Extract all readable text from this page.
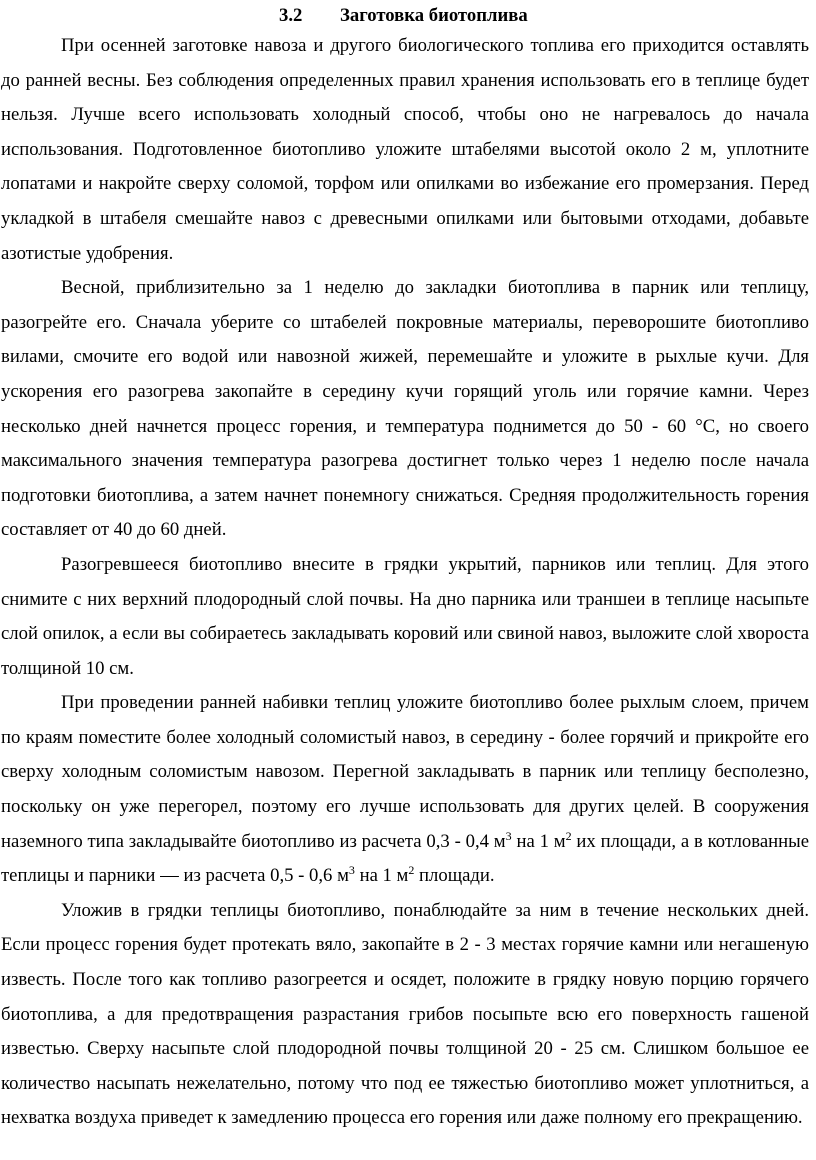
3.2 Заготовка биотоплива

При осенней заготовке навоза и другого биологического топлива его приходится оставлять до ранней весны. Без соблюдения определенных правил хранения использовать его в теплице будет нельзя. Лучше всего использовать холодный способ, чтобы оно не нагревалось до начала использования. Подготовленное биотопливо уложите штабелями высотой около 2 м, уплотните лопатами и накройте сверху соломой, торфом или опилками во избежание его промерзания. Перед укладкой в штабеля смешайте навоз с древесными опилками или бытовыми отходами, добавьте азотистые удобрения.

Весной, приблизительно за 1 неделю до закладки биотоплива в парник или теплицу, разогрейте его. Сначала уберите со штабелей покровные материалы, переворошите биотопливо вилами, смочите его водой или навозной жижей, перемешайте и уложите в рыхлые кучи. Для ускорения его разогрева закопайте в середину кучи горящий уголь или горячие камни. Через несколько дней начнется процесс горения, и температура поднимется до 50 - 60 °С, но своего максимального значения температура разогрева достигнет только через 1 неделю после начала подготовки биотоплива, а затем начнет понемногу снижаться. Средняя продолжительность горения составляет от 40 до 60 дней.

Разогревшееся биотопливо внесите в грядки укрытий, парников или теплиц. Для этого снимите с них верхний плодородный слой почвы. На дно парника или траншеи в теплице насыпьте слой опилок, а если вы собираетесь закладывать коровий или свиной навоз, выложите слой хвороста толщиной 10 см.

При проведении ранней набивки теплиц уложите биотопливо более рыхлым слоем, причем по краям поместите более холодный соломистый навоз, в середину - более горячий и прикройте его сверху холодным соломистым навозом. Перегной закладывать в парник или теплицу бесполезно, поскольку он уже перегорел, поэтому его лучше использовать для других целей. В сооружения наземного типа закладывайте биотопливо из расчета 0,3 - 0,4 $м^3$ на 1 $м^2$ их площади, а в котлованные теплицы и парники — из расчета 0,5 - 0,6 $м^3$ на 1 $м^2$ площади.

Уложив в грядки теплицы биотопливо, понаблюдайте за ним в течение нескольких дней. Если процесс горения будет протекать вяло, закопайте в 2 - 3 местах горячие камни или негашеную известь. После того как топливо разогреется и осядет, положите в грядку новую порцию горячего биотоплива, а для предотвращения разрастания грибов посыпьте всю его поверхность гашеной известью. Сверху насыпьте слой плодородной почвы толщиной 20 - 25 см. Слишком большое ее количество насыпать нежелательно, потому что под ее тяжестью биотопливо может уплотниться, а нехватка воздуха приведет к замедлению процесса его горения или даже полному его прекращению.
